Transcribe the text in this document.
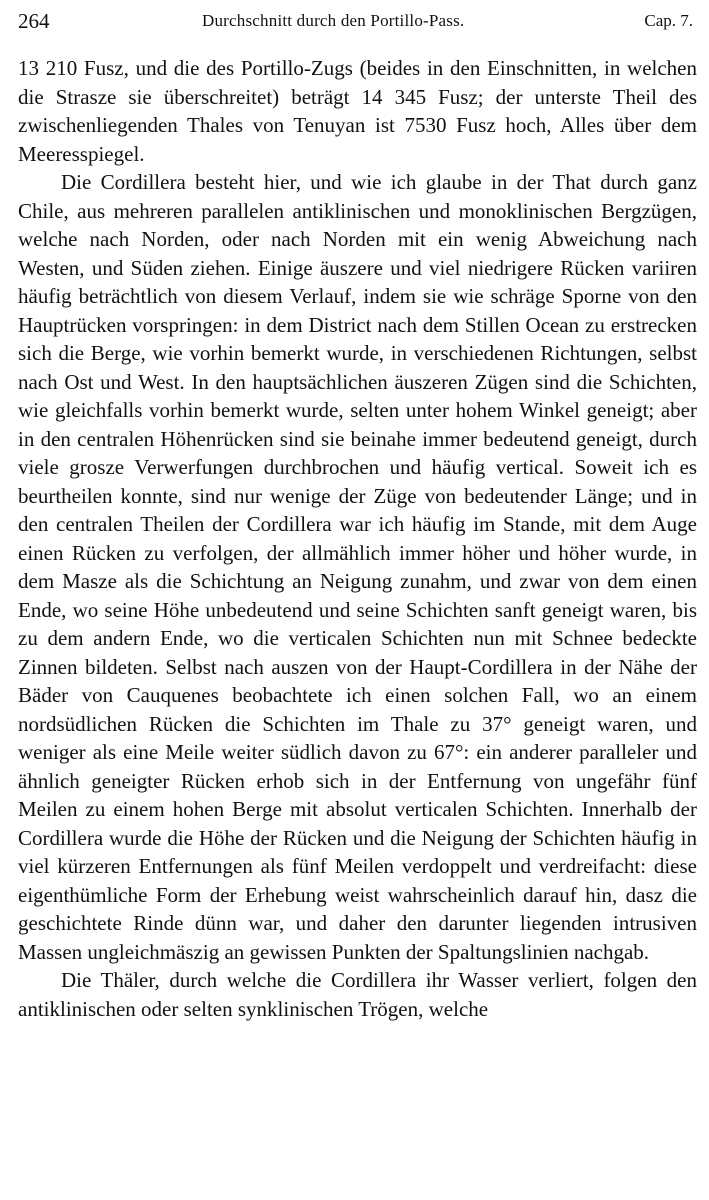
264	Durchschnitt durch den Portillo-Pass.	Cap. 7.

13 210 Fusz, und die des Portillo-Zugs (beides in den Einschnitten, in welchen die Strasze sie überschreitet) beträgt 14 345 Fusz; der unterste Theil des zwischenliegenden Thales von Tenuyan ist 7530 Fusz hoch, Alles über dem Meeresspiegel.

Die Cordillera besteht hier, und wie ich glaube in der That durch ganz Chile, aus mehreren parallelen antiklinischen und monoklinischen Bergzügen, welche nach Norden, oder nach Norden mit ein wenig Abweichung nach Westen, und Süden ziehen. Einige äuszere und viel niedrigere Rücken variiren häufig beträchtlich von diesem Verlauf, indem sie wie schräge Sporne von den Hauptrücken vorspringen: in dem District nach dem Stillen Ocean zu erstrecken sich die Berge, wie vorhin bemerkt wurde, in verschiedenen Richtungen, selbst nach Ost und West. In den hauptsächlichen äuszeren Zügen sind die Schichten, wie gleichfalls vorhin bemerkt wurde, selten unter hohem Winkel geneigt; aber in den centralen Höhenrücken sind sie beinahe immer bedeutend geneigt, durch viele grosze Verwerfungen durchbrochen und häufig vertical. Soweit ich es beurtheilen konnte, sind nur wenige der Züge von bedeutender Länge; und in den centralen Theilen der Cordillera war ich häufig im Stande, mit dem Auge einen Rücken zu verfolgen, der allmählich immer höher und höher wurde, in dem Masze als die Schichtung an Neigung zunahm, und zwar von dem einen Ende, wo seine Höhe unbedeutend und seine Schichten sanft geneigt waren, bis zu dem andern Ende, wo die verticalen Schichten nun mit Schnee bedeckte Zinnen bildeten. Selbst nach auszen von der Haupt-Cordillera in der Nähe der Bäder von Cauquenes beobachtete ich einen solchen Fall, wo an einem nordsüdlichen Rücken die Schichten im Thale zu 37° geneigt waren, und weniger als eine Meile weiter südlich davon zu 67°: ein anderer paralleler und ähnlich geneigter Rücken erhob sich in der Entfernung von ungefähr fünf Meilen zu einem hohen Berge mit absolut verticalen Schichten. Innerhalb der Cordillera wurde die Höhe der Rücken und die Neigung der Schichten häufig in viel kürzeren Entfernungen als fünf Meilen verdoppelt und verdreifacht: diese eigenthümliche Form der Erhebung weist wahrscheinlich darauf hin, dasz die geschichtete Rinde dünn war, und daher den darunter liegenden intrusiven Massen ungleichmäszig an gewissen Punkten der Spaltungslinien nachgab.

Die Thäler, durch welche die Cordillera ihr Wasser verliert, folgen den antiklinischen oder selten synklinischen Trögen, welche
